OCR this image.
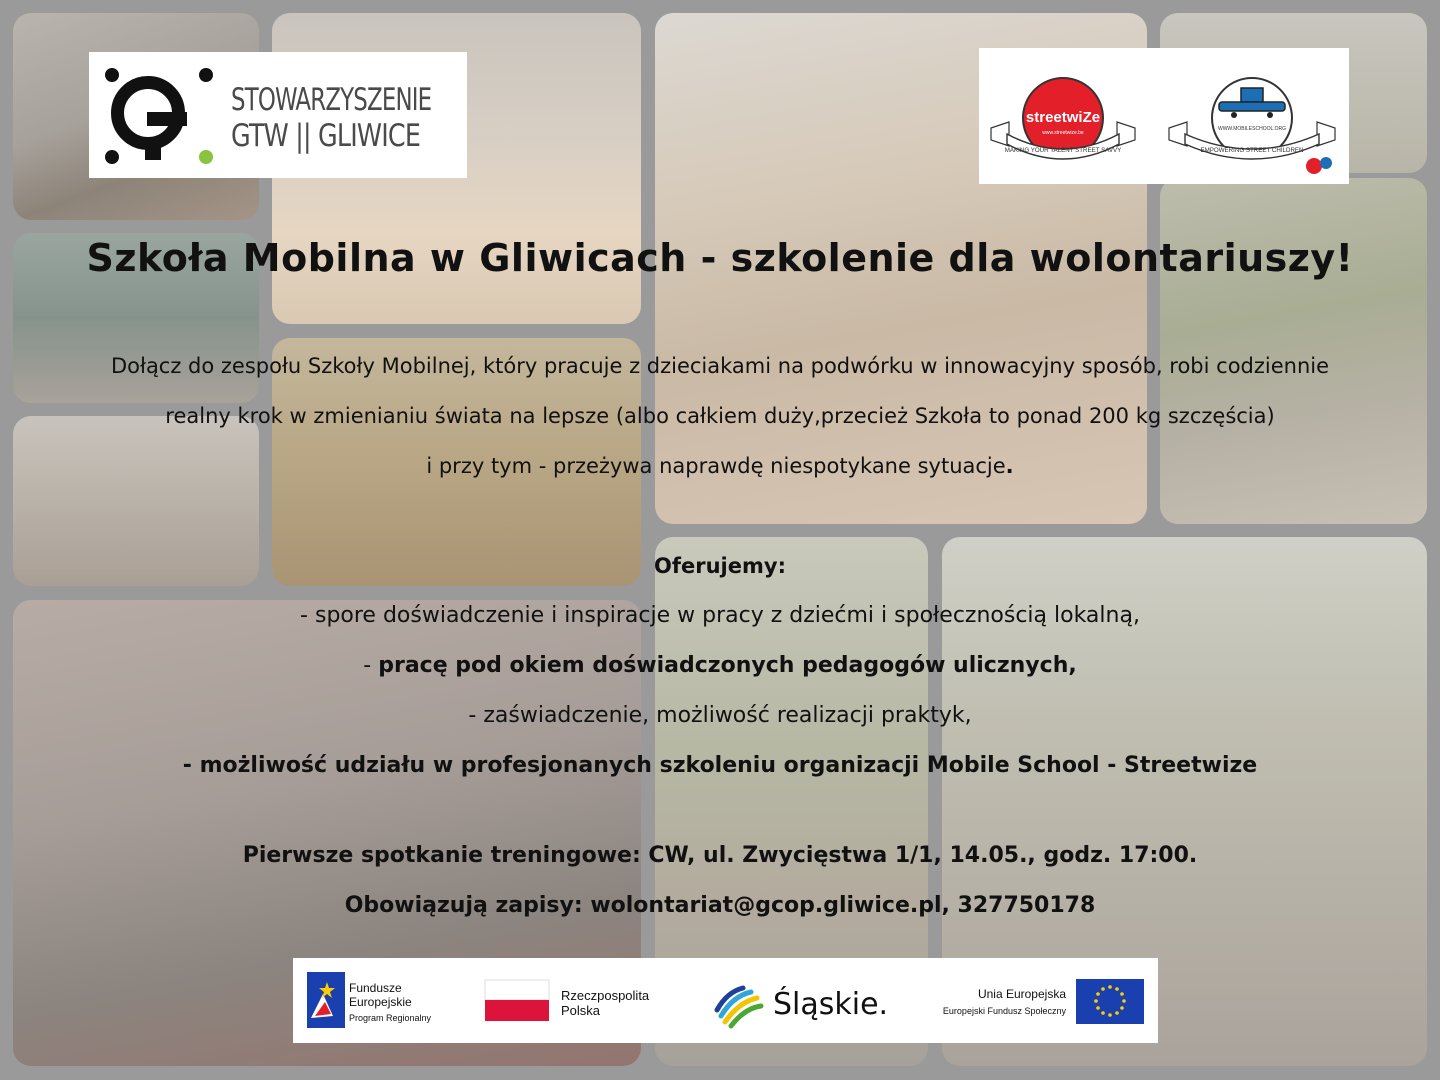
STOWARZYSZENIE
GTW || GLIWICE
streetwiZe
www.streetwize.be
MAKING YOUR TALENT STREET SAVVY
WWW.MOBILESCHOOL.ORG
EMPOWERING STREET CHILDREN
Szkoła Mobilna w Gliwicach - szkolenie dla wolontariuszy!
Dołącz do zespołu Szkoły Mobilnej, który pracuje z dzieciakami na podwórku w innowacyjny sposób, robi codziennie
realny krok w zmienianiu świata na lepsze (albo całkiem duży,przecież Szkoła to ponad 200 kg szczęścia)
i przy tym - przeżywa naprawdę niespotykane sytuacje.
Oferujemy:
- spore doświadczenie i inspiracje w pracy z dziećmi i społecznością lokalną,
- pracę pod okiem doświadczonych pedagogów ulicznych,
- zaświadczenie, możliwość realizacji praktyk,
- możliwość udziału w profesjonanych szkoleniu organizacji Mobile School - Streetwize
Pierwsze spotkanie treningowe: CW, ul. Zwycięstwa 1/1, 14.05., godz. 17:00.
Obowiązują zapisy: wolontariat@gcop.gliwice.pl, 327750178
Fundusze
Europejskie
Program Regionalny
Rzeczpospolita
Polska	Śląskie.	Unia Europejska
Europejski Fundusz Społeczny
